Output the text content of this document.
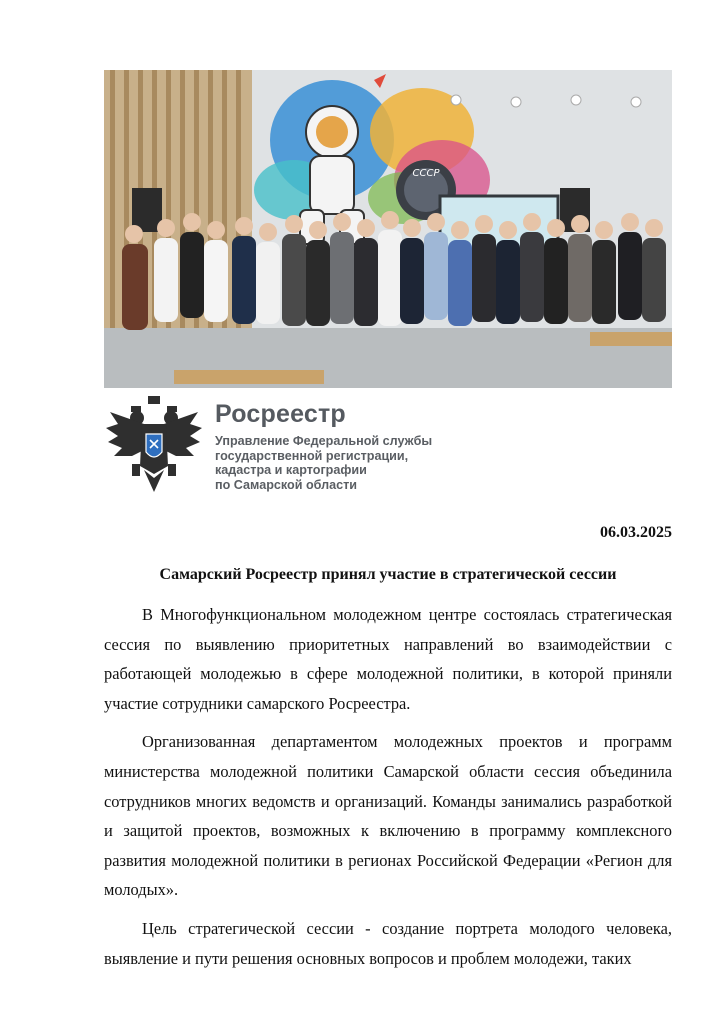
СССР
Росреестр
Управление Федеральной службы
государственной регистрации,
кадастра и картографии
по Самарской области
06.03.2025
Самарский Росреестр принял участие в стратегической сессии

В Многофункциональном молодежном центре состоялась стратегическая сессия по выявлению приоритетных направлений во взаимодействии с работающей молодежью в сфере молодежной политики, в которой приняли участие сотрудники самарского Росреестра.

Организованная департаментом молодежных проектов и программ министерства молодежной политики Самарской области сессия объединила сотрудников многих ведомств и организаций. Команды занимались разработкой и защитой проектов, возможных к включению в программу комплексного развития молодежной политики в регионах Российской Федерации «Регион для молодых».

Цель стратегической сессии - создание портрета молодого человека, выявление и пути решения основных вопросов и проблем молодежи, таких
